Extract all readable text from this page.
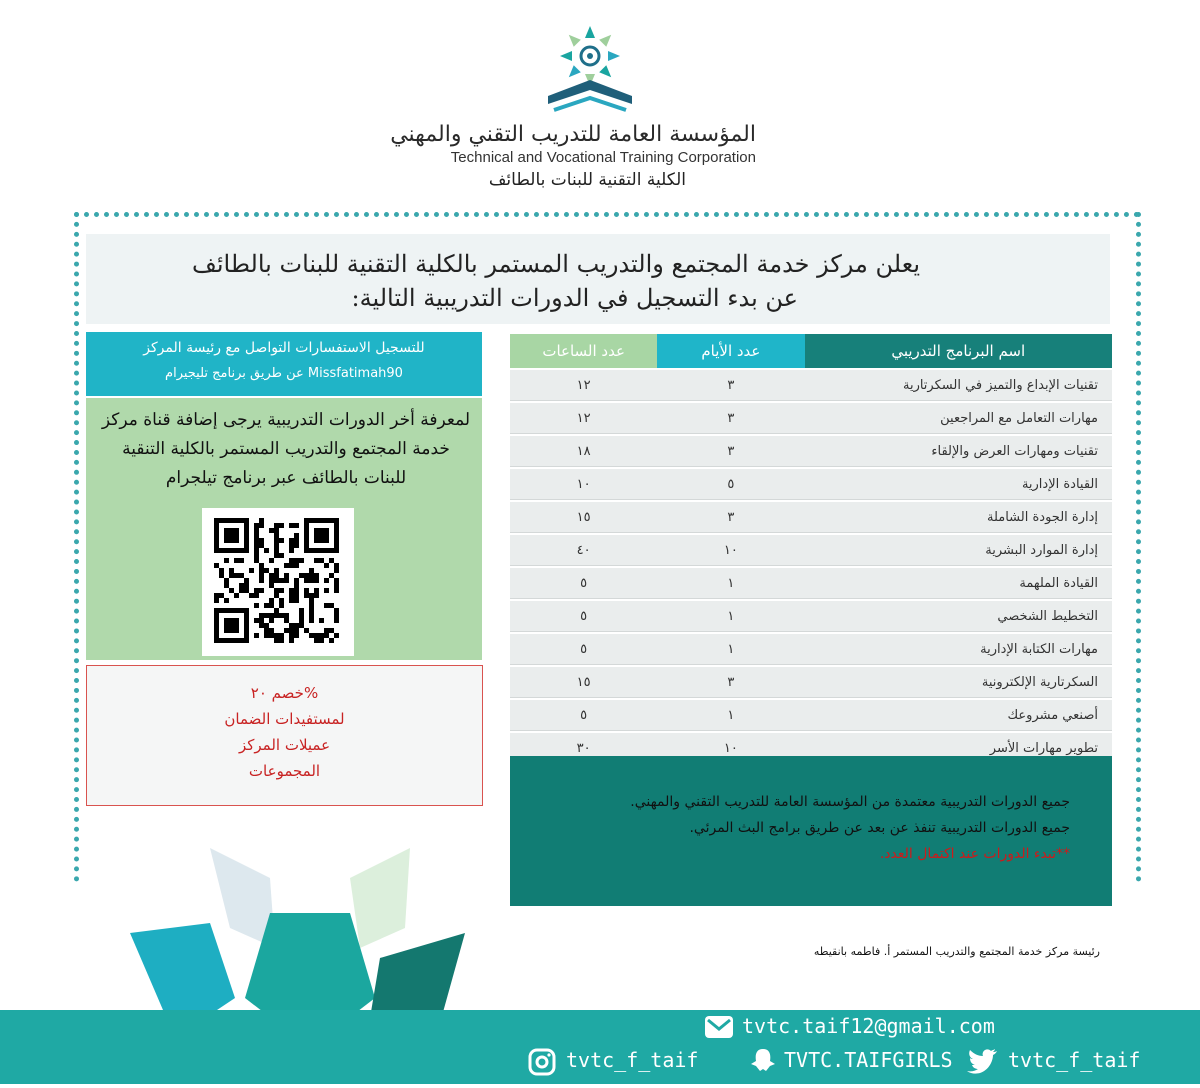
المؤسسة العامة للتدريب التقني والمهني
Technical and Vocational Training Corporation
الكلية التقنية للبنات بالطائف
يعلن مركز خدمة المجتمع والتدريب المستمر بالكلية التقنية للبنات بالطائف
عن بدء التسجيل في الدورات التدريبية التالية:
اسم البرنامج التدريبي	عدد الأيام	عدد الساعات
تقنيات الإبداع والتميز في السكرتارية	٣	١٢
مهارات التعامل مع المراجعين	٣	١٢
تقنيات ومهارات العرض والإلقاء	٣	١٨
القيادة الإدارية	٥	١٠
إدارة الجودة الشاملة	٣	١٥
إدارة الموارد البشرية	١٠	٤٠
القيادة الملهمة	١	٥
التخطيط الشخصي	١	٥
مهارات الكتابة الإدارية	١	٥
السكرتارية الإلكترونية	٣	١٥
أصنعي مشروعك	١	٥
تطوير مهارات الأسر	١٠	٣٠
للتسجيل الاستفسارات التواصل مع رئيسة المركز
عن طريق برنامج تليجيرام Missfatimah90
لمعرفة أخر الدورات التدريبية يرجى إضافة قناة مركز
خدمة المجتمع والتدريب المستمر بالكلية التنقية
للبنات بالطائف عبر برنامج تيلجرام
خصم ٢٠%
لمستفيدات الضمان
عميلات المركز
المجموعات
جميع الدورات التدريبية معتمدة من المؤسسة العامة للتدريب التقني والمهني.
جميع الدورات التدريبية تنفذ عن بعد عن طريق برامج البث المرئي.
**تبدء الدورات عند اكتمال العدد.
رئيسة مركز خدمة المجتمع والتدريب المستمر أ. فاطمه بانقيطه
tvtc.taif12@gmail.com
tvtc_f_taif	TVTC.TAIFGIRLS	tvtc_f_taif
